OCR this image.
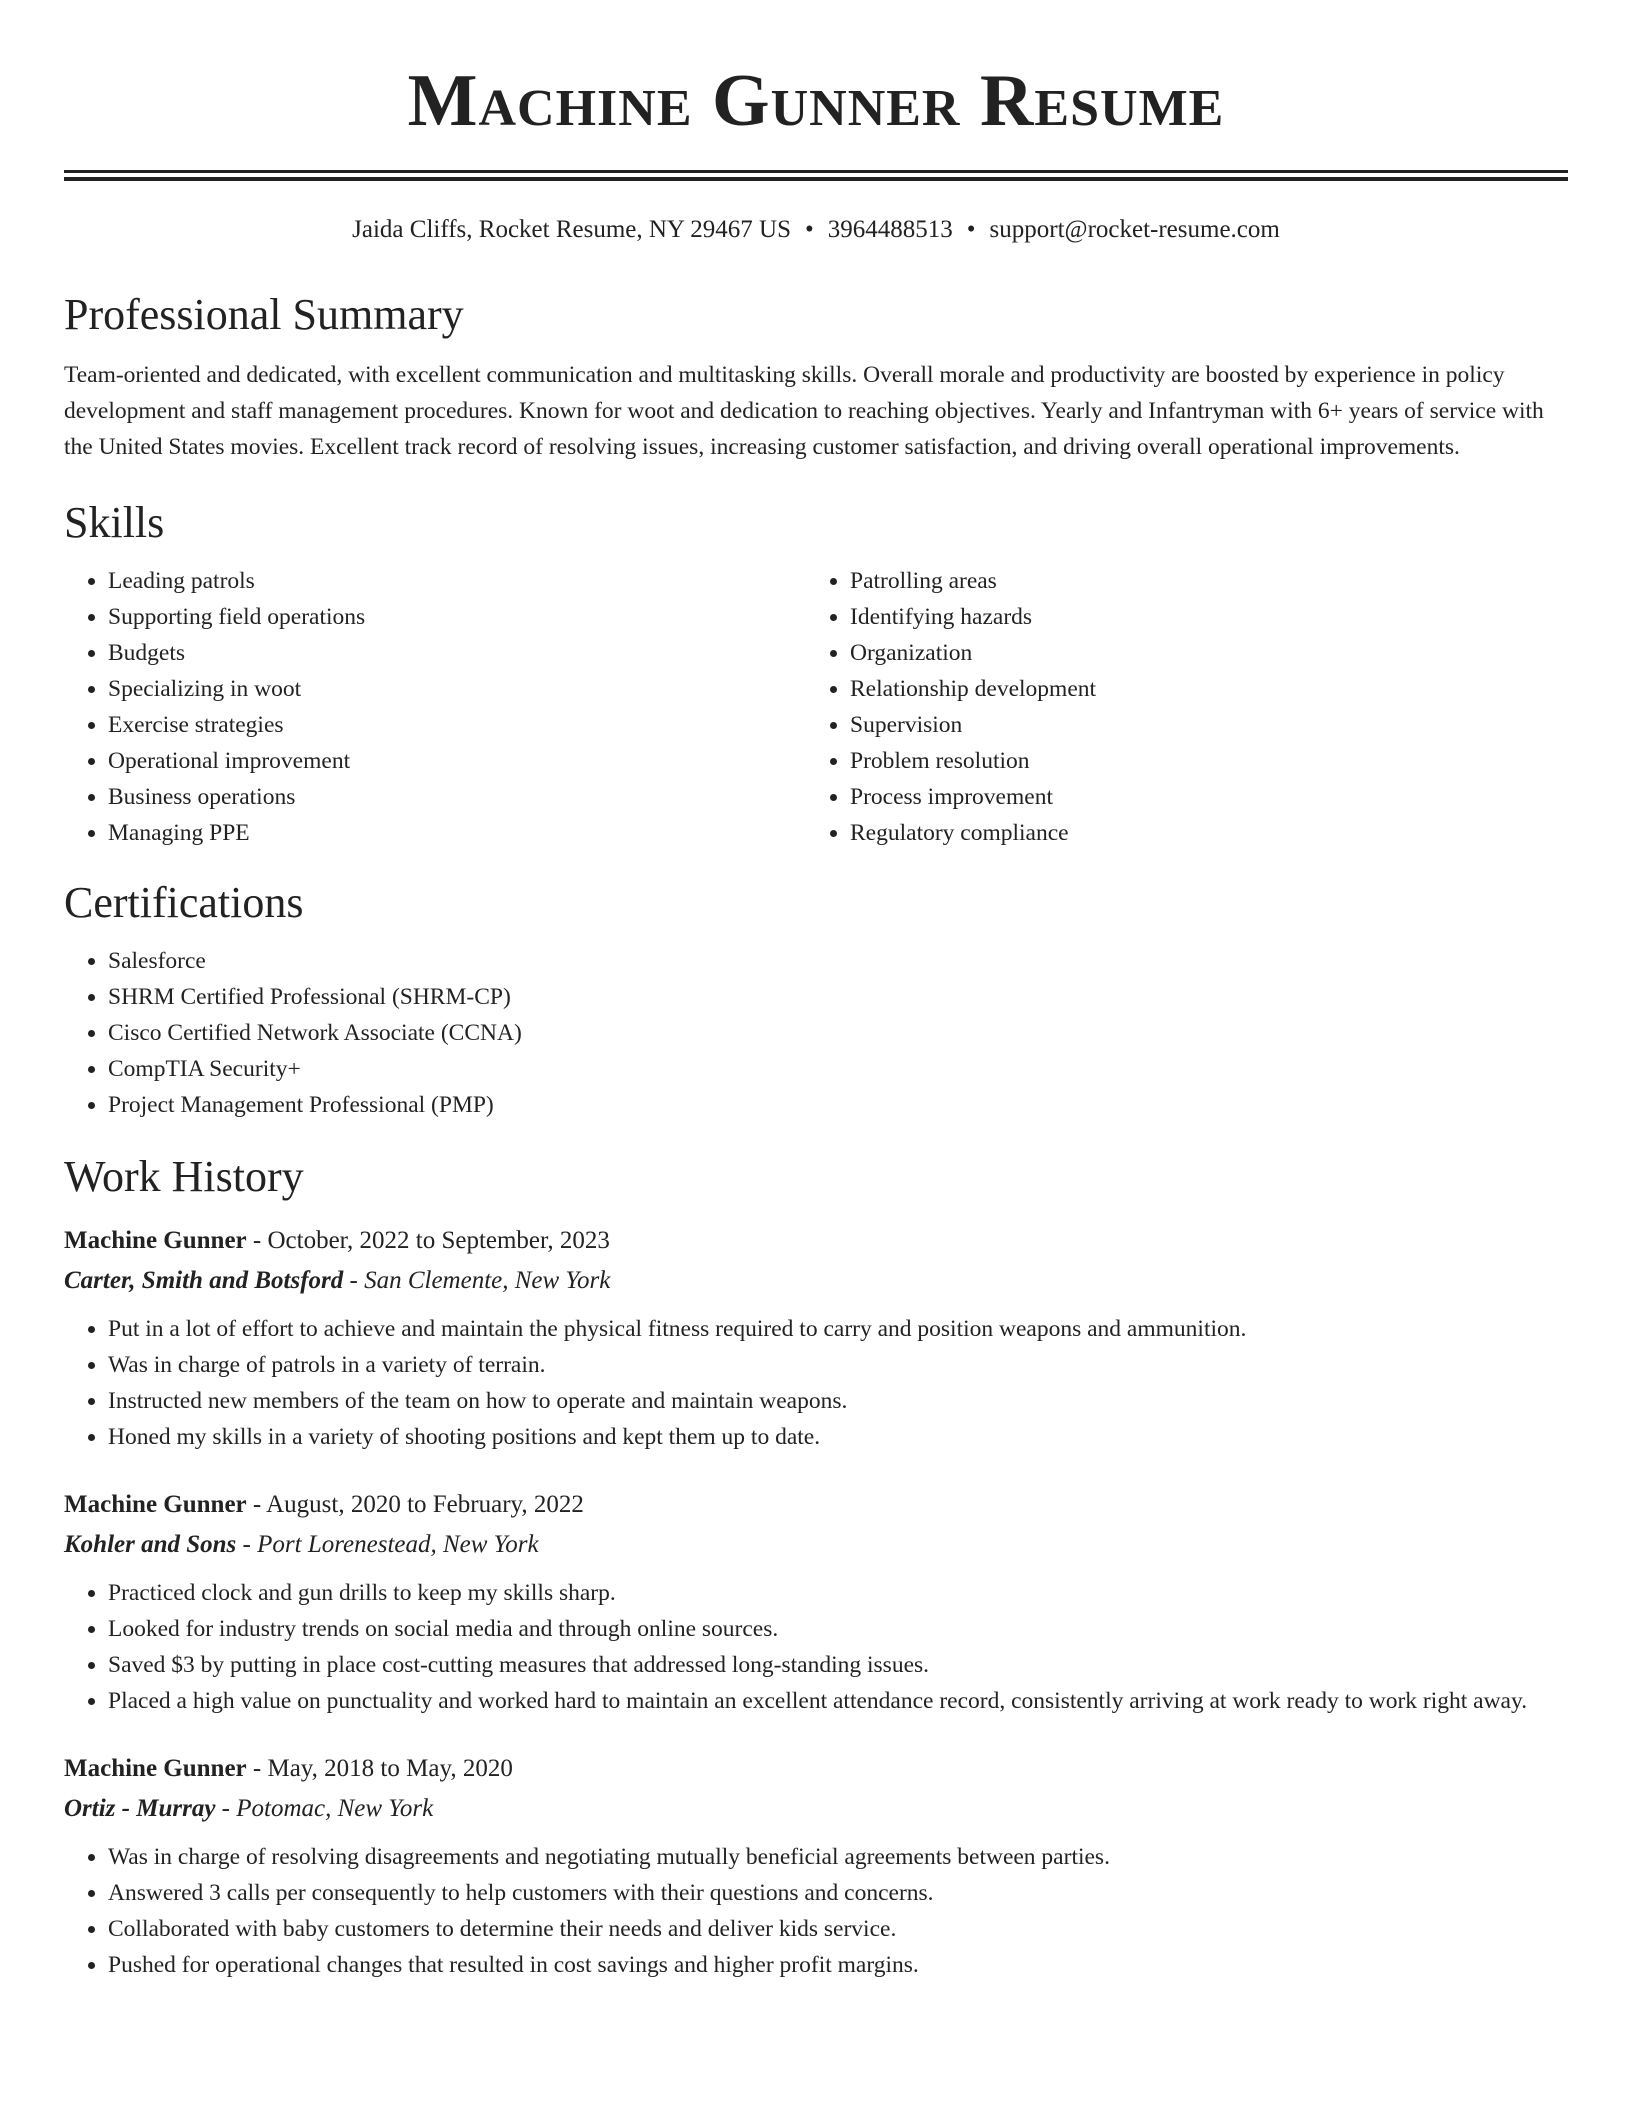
Machine Gunner Resume
Jaida Cliffs, Rocket Resume, NY 29467 US • 3964488513 • support@rocket-resume.com
Professional Summary

Team-oriented and dedicated, with excellent communication and multitasking skills. Overall morale and productivity are boosted by experience in policy development and staff management procedures. Known for woot and dedication to reaching objectives. Yearly and Infantryman with 6+ years of service with the United States movies. Excellent track record of resolving issues, increasing customer satisfaction, and driving overall operational improvements.

Skills
• Leading patrols
• Supporting field operations
• Budgets
• Specializing in woot
• Exercise strategies
• Operational improvement
• Business operations
• Managing PPE
• Patrolling areas
• Identifying hazards
• Organization
• Relationship development
• Supervision
• Problem resolution
• Process improvement
• Regulatory compliance
Certifications
• Salesforce
• SHRM Certified Professional (SHRM-CP)
• Cisco Certified Network Associate (CCNA)
• CompTIA Security+
• Project Management Professional (PMP)
Work History
Machine Gunner - October, 2022 to September, 2023
Carter, Smith and Botsford - San Clemente, New York
• Put in a lot of effort to achieve and maintain the physical fitness required to carry and position weapons and ammunition.
• Was in charge of patrols in a variety of terrain.
• Instructed new members of the team on how to operate and maintain weapons.
• Honed my skills in a variety of shooting positions and kept them up to date.
Machine Gunner - August, 2020 to February, 2022
Kohler and Sons - Port Lorenestead, New York
• Practiced clock and gun drills to keep my skills sharp.
• Looked for industry trends on social media and through online sources.
• Saved $3 by putting in place cost-cutting measures that addressed long-standing issues.
• Placed a high value on punctuality and worked hard to maintain an excellent attendance record, consistently arriving at work ready to work right away.
Machine Gunner - May, 2018 to May, 2020
Ortiz - Murray - Potomac, New York
• Was in charge of resolving disagreements and negotiating mutually beneficial agreements between parties.
• Answered 3 calls per consequently to help customers with their questions and concerns.
• Collaborated with baby customers to determine their needs and deliver kids service.
• Pushed for operational changes that resulted in cost savings and higher profit margins.
